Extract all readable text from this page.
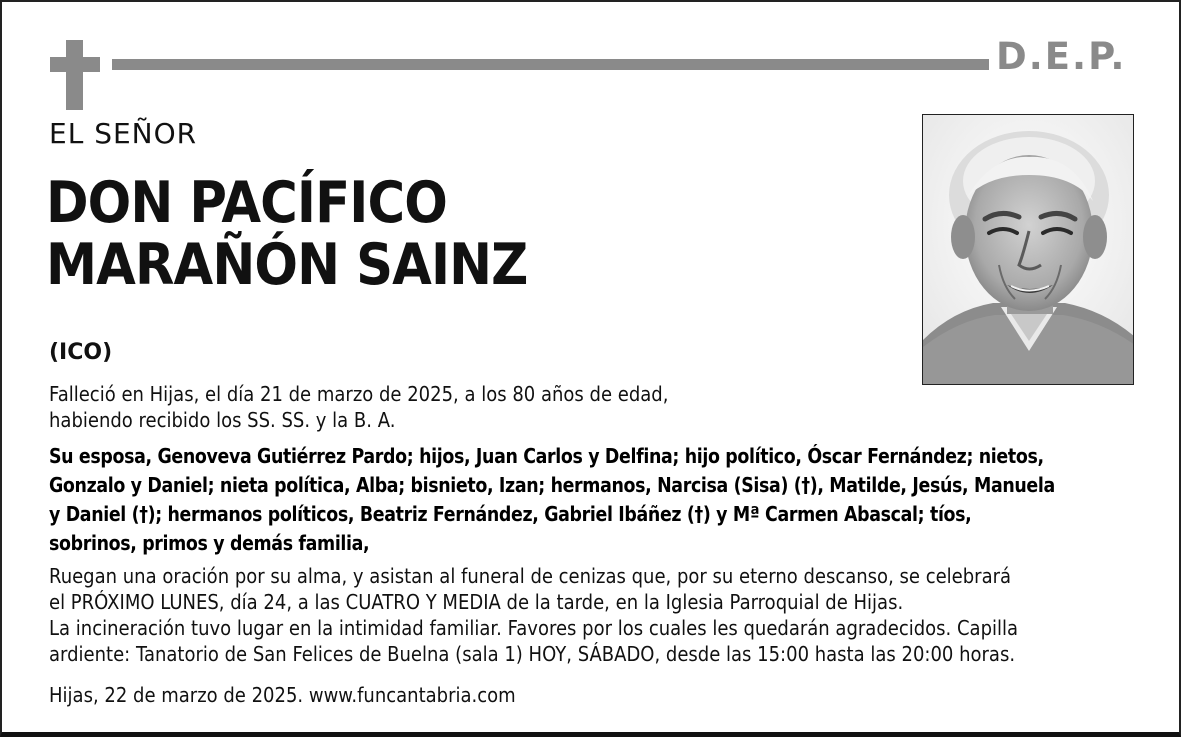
D.E.P.
EL SEÑOR
DON PACÍFICO
MARAÑÓN SAINZ
(ICO)
Falleció en Hijas, el día 21 de marzo de 2025, a los 80 años de edad,
habiendo recibido los SS. SS. y la B. A.
Su esposa, Genoveva Gutiérrez Pardo; hijos, Juan Carlos y Delfina; hijo político, Óscar Fernández; nietos,
Gonzalo y Daniel; nieta política, Alba; bisnieto, Izan; hermanos, Narcisa (Sisa) (†), Matilde, Jesús, Manuela
y Daniel (†); hermanos políticos, Beatriz Fernández, Gabriel Ibáñez (†) y Mª Carmen Abascal; tíos,
sobrinos, primos y demás familia,
Ruegan una oración por su alma, y asistan al funeral de cenizas que, por su eterno descanso, se celebrará
el PRÓXIMO LUNES, día 24, a las CUATRO Y MEDIA de la tarde, en la Iglesia Parroquial de Hijas.
La incineración tuvo lugar en la intimidad familiar. Favores por los cuales les quedarán agradecidos. Capilla
ardiente: Tanatorio de San Felices de Buelna (sala 1) HOY, SÁBADO, desde las 15:00 hasta las 20:00 horas.
Hijas, 22 de marzo de 2025. www.funcantabria.com
